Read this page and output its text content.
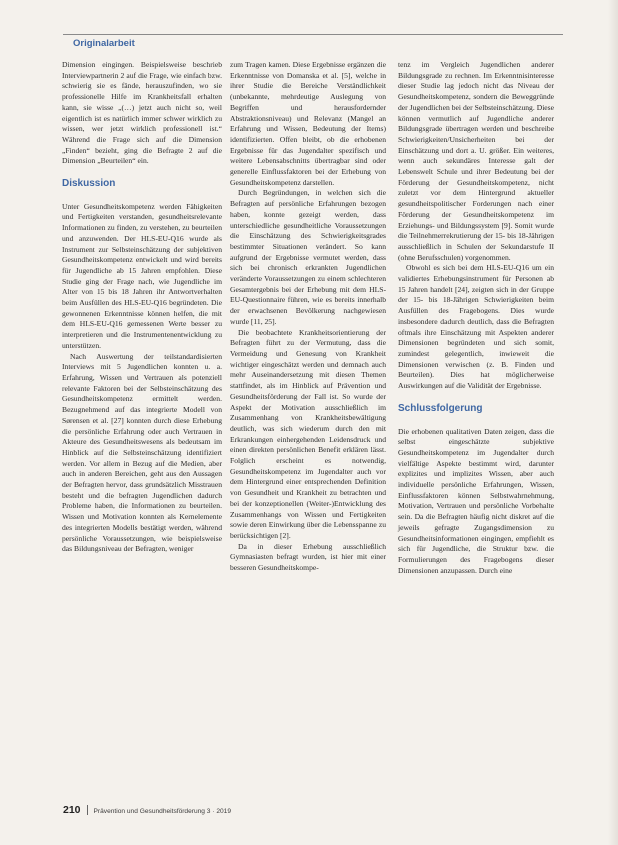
Originalarbeit

Dimension eingingen. Beispielsweise beschrieb Interviewpartnerin 2 auf die Frage, wie einfach bzw. schwierig sie es fände, herauszufinden, wo sie professionelle Hilfe im Krankheitsfall erhalten kann, sie wisse „(…) jetzt auch nicht so, weil eigentlich ist es natürlich immer schwer wirklich zu wissen, wer jetzt wirklich professionell ist.“ Während die Frage sich auf die Dimension „Finden“ bezieht, ging die Befragte 2 auf die Dimension „Beurteilen“ ein.

Diskussion

Unter Gesundheitskompetenz werden Fähigkeiten und Fertigkeiten verstanden, gesundheitsrelevante Informationen zu finden, zu verstehen, zu beurteilen und anzuwenden. Der HLS-EU-Q16 wurde als Instrument zur Selbsteinschätzung der subjektiven Gesundheitskompetenz entwickelt und wird bereits für Jugendliche ab 15 Jahren empfohlen. Diese Studie ging der Frage nach, wie Jugendliche im Alter von 15 bis 18 Jahren ihr Antwortverhalten beim Ausfüllen des HLS-EU-Q16 begründeten. Die gewonnenen Erkenntnisse können helfen, die mit dem HLS-EU-Q16 gemessenen Werte besser zu interpretieren und die Instrumentenentwicklung zu unterstützen.

Nach Auswertung der teilstandardisierten Interviews mit 5 Jugendlichen konnten u. a. Erfahrung, Wissen und Vertrauen als potenziell relevante Faktoren bei der Selbsteinschätzung des Gesundheitskompetenz ermittelt werden. Bezugnehmend auf das integrierte Modell von Sørensen et al. [27] konnten durch diese Erhebung die persönliche Erfahrung oder auch Vertrauen in Akteure des Gesundheitswesens als bedeutsam im Hinblick auf die Selbsteinschätzung identifiziert werden. Vor allem in Bezug auf die Medien, aber auch in anderen Bereichen, geht aus den Aussagen der Befragten hervor, dass grundsätzlich Misstrauen besteht und die befragten Jugendlichen dadurch Probleme haben, die Informationen zu beurteilen. Wissen und Motivation konnten als Kernelemente des integrierten Modells bestätigt werden, während persönliche Voraussetzungen, wie beispielsweise das Bildungsniveau der Befragten, weniger

zum Tragen kamen. Diese Ergebnisse ergänzen die Erkenntnisse von Domanska et al. [5], welche in ihrer Studie die Bereiche Verständlichkeit (unbekannte, mehrdeutige Auslegung von Begriffen und herausfordernder Abstraktionsniveau) und Relevanz (Mangel an Erfahrung und Wissen, Bedeutung der Items) identifizierten. Offen bleibt, ob die erhobenen Ergebnisse für das Jugendalter spezifisch und weitere Lebensabschnitts übertragbar sind oder generelle Einflussfaktoren bei der Erhebung von Gesundheitskompetenz darstellen.

Durch Begründungen, in welchen sich die Befragten auf persönliche Erfahrungen bezogen haben, konnte gezeigt werden, dass unterschiedliche gesundheitliche Voraussetzungen die Einschätzung des Schwierigkeitsgrades bestimmter Situationen verändert. So kann aufgrund der Ergebnisse vermutet werden, dass sich bei chronisch erkrankten Jugendlichen veränderte Voraussetzungen zu einem schlechteren Gesamtergebnis bei der Erhebung mit dem HLS-EU-Questionnaire führen, wie es bereits innerhalb der erwachsenen Bevölkerung nachgewiesen wurde [11, 25].

Die beobachtete Krankheitsorientierung der Befragten führt zu der Vermutung, dass die Vermeidung und Genesung von Krankheit wichtiger eingeschätzt werden und demnach auch mehr Auseinandersetzung mit diesen Themen stattfindet, als im Hinblick auf Prävention und Gesundheitsförderung der Fall ist. So wurde der Aspekt der Motivation ausschließlich im Zusammenhang von Krankheitsbewältigung deutlich, was sich wiederum durch den mit Erkrankungen einhergehenden Leidensdruck und einen direkten persönlichen Benefit erklären lässt. Folglich erscheint es notwendig, Gesundheitskompetenz im Jugendalter auch vor dem Hintergrund einer entsprechenden Definition von Gesundheit und Krankheit zu betrachten und bei der konzeptionellen (Weiter-)Entwicklung des Zusammenhangs von Wissen und Fertigkeiten sowie deren Einwirkung über die Lebensspanne zu berücksichtigen [2].

Da in dieser Erhebung ausschließlich Gymnasiasten befragt wurden, ist hier mit einer besseren Gesundheitskompe-

tenz im Vergleich Jugendlichen anderer Bildungsgrade zu rechnen. Im Erkenntnisinteresse dieser Studie lag jedoch nicht das Niveau der Gesundheitskompetenz, sondern die Beweggründe der Jugendlichen bei der Selbsteinschätzung. Diese können vermutlich auf Jugendliche anderer Bildungsgrade übertragen werden und beschreibe Schwierigkeiten/Unsicherheiten bei der Einschätzung und dort a. U. größer. Ein weiteres, wenn auch sekundäres Interesse galt der Lebenswelt Schule und ihrer Bedeutung bei der Förderung der Gesundheitskompetenz, nicht zuletzt vor dem Hintergrund aktueller gesundheitspolitischer Forderungen nach einer Förderung der Gesundheitskompetenz im Erziehungs- und Bildungssystem [9]. Somit wurde die Teilnehmerrekrutierung der 15- bis 18-Jährigen ausschließlich in Schulen der Sekundarstufe II (ohne Berufsschulen) vorgenommen.

Obwohl es sich bei dem HLS-EU-Q16 um ein validiertes Erhebungsinstrument für Personen ab 15 Jahren handelt [24], zeigten sich in der Gruppe der 15- bis 18-Jährigen Schwierigkeiten beim Ausfüllen des Fragebogens. Dies wurde insbesondere dadurch deutlich, dass die Befragten oftmals ihre Einschätzung mit Aspekten anderer Dimensionen begründeten und sich somit, zumindest gelegentlich, inwieweit die Dimensionen verwischen (z. B. Finden und Beurteilen). Dies hat möglicherweise Auswirkungen auf die Validität der Ergebnisse.

Schlussfolgerung

Die erhobenen qualitativen Daten zeigen, dass die selbst eingeschätzte subjektive Gesundheitskompetenz im Jugendalter durch vielfältige Aspekte bestimmt wird, darunter explizites und implizites Wissen, aber auch individuelle persönliche Erfahrungen, Wissen, Einflussfaktoren können Selbstwahrnehmung, Motivation, Vertrauen und persönliche Vorbehalte sein. Da die Befragten häufig nicht diskret auf die jeweils gefragte Zugangsdimension zu Gesundheitsinformationen eingingen, empfiehlt es sich für Jugendliche, die Struktur bzw. die Formulierungen des Fragebogens dieser Dimensionen anzupassen. Durch eine

210 Prävention und Gesundheitsförderung 3 · 2019
